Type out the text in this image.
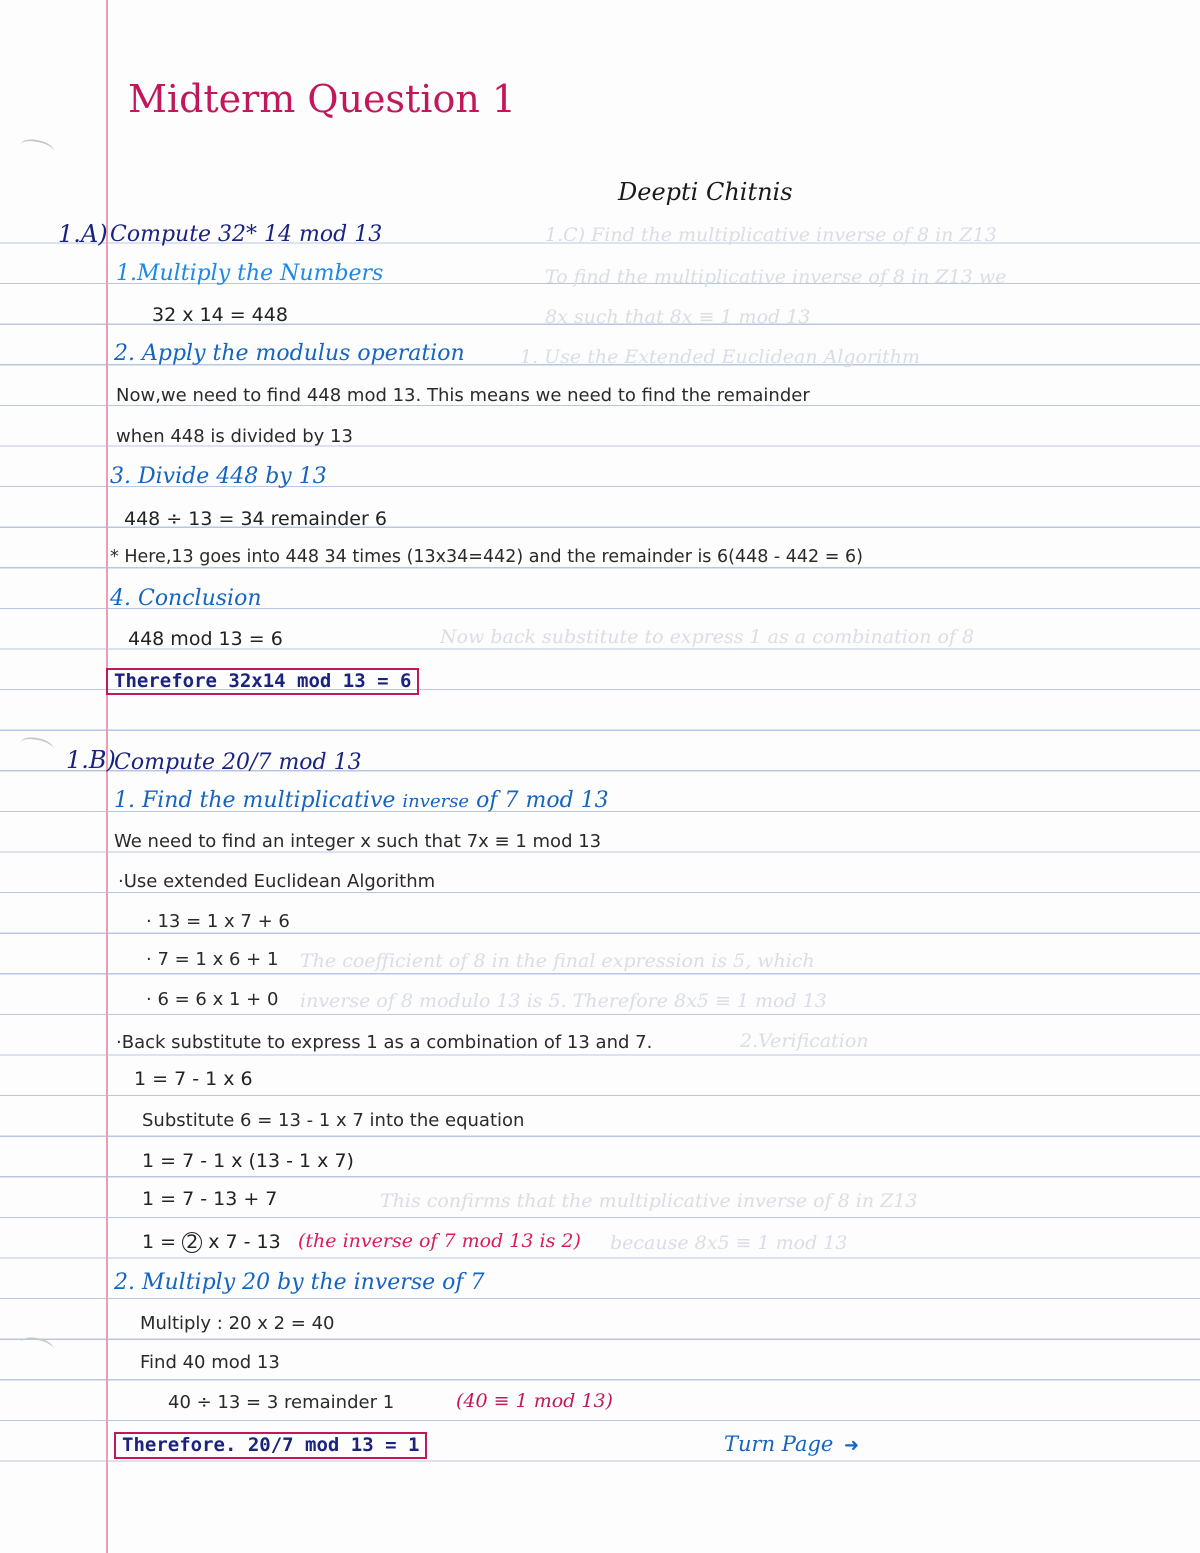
1.C) Find the multiplicative inverse of 8 in Z13
To find the multiplicative inverse of 8 in Z13 we
8x such that 8x ≡ 1 mod 13
1. Use the Extended Euclidean Algorithm
Now back substitute to express 1 as a combination of 8
The coefficient of 8 in the final expression is 5, which
inverse of 8 modulo 13 is 5. Therefore 8x5 ≡ 1 mod 13
2.Verification
This confirms that the multiplicative inverse of 8 in Z13
because 8x5 ≡ 1 mod 13
Midterm Question 1
Deepti Chitnis
1.A) Compute 32* 14 mod 13
1.Multiply the Numbers
32 x 14 = 448
2. Apply the modulus operation
Now,we need to find 448 mod 13. This means we need to find the remainder
when 448 is divided by 13
3. Divide 448 by 13
448 ÷ 13 = 34 remainder 6
* Here,13 goes into 448 34 times (13x34=442) and the remainder is 6(448 - 442 = 6)
4. Conclusion
448 mod 13 = 6
Therefore 32x14 mod 13 = 6
1.B)
Compute 20/7 mod 13
1. Find the multiplicative inverse of 7 mod 13
We need to find an integer x such that 7x ≡ 1 mod 13
·Use extended Euclidean Algorithm
· 13 = 1 x 7 + 6
· 7 = 1 x 6 + 1
· 6 = 6 x 1 + 0
·Back substitute to express 1 as a combination of 13 and 7.
1 = 7 - 1 x 6
Substitute 6 = 13 - 1 x 7 into the equation
1 = 7 - 1 x (13 - 1 x 7)
1 = 7 - 13 + 7
1 = 2 x 7 - 13 (the inverse of 7 mod 13 is 2)
2. Multiply 20 by the inverse of 7
Multiply : 20 x 2 = 40
Find 40 mod 13
40 ÷ 13 = 3 remainder 1	(40 ≡ 1 mod 13)
Therefore. 20/7 mod 13 = 1	Turn Page ➜
